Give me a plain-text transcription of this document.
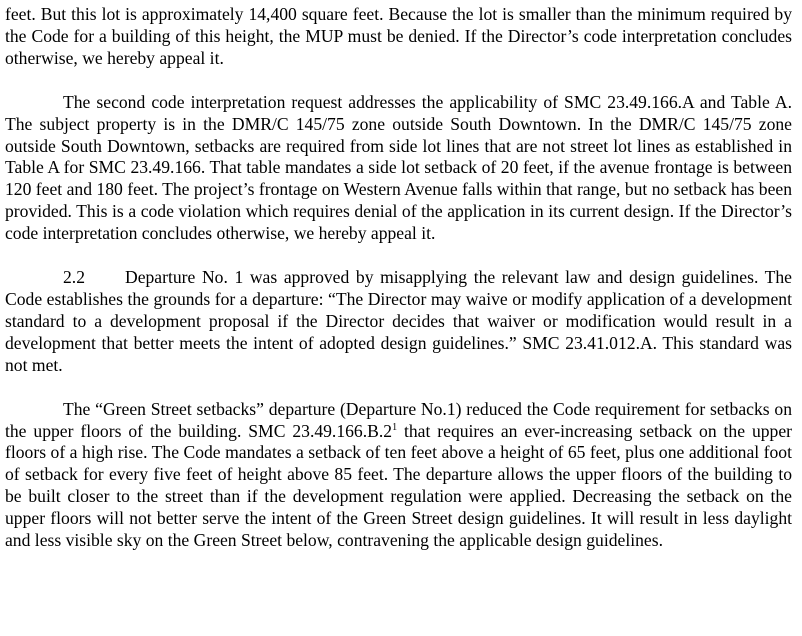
feet. But this lot is approximately 14,400 square feet. Because the lot is smaller than the minimum required by the Code for a building of this height, the MUP must be denied. If the Director’s code interpretation concludes otherwise, we hereby appeal it.

The second code interpretation request addresses the applicability of SMC 23.49.166.A and Table A. The subject property is in the DMR/C 145/75 zone outside South Downtown. In the DMR/C 145/75 zone outside South Downtown, setbacks are required from side lot lines that are not street lot lines as established in Table A for SMC 23.49.166. That table mandates a side lot setback of 20 feet, if the avenue frontage is between 120 feet and 180 feet. The project’s frontage on Western Avenue falls within that range, but no setback has been provided. This is a code violation which requires denial of the application in its current design. If the Director’s code interpretation concludes otherwise, we hereby appeal it.

2.2 Departure No. 1 was approved by misapplying the relevant law and design guidelines. The Code establishes the grounds for a departure: “The Director may waive or modify application of a development standard to a development proposal if the Director decides that waiver or modification would result in a development that better meets the intent of adopted design guidelines.” SMC 23.41.012.A. This standard was not met.

The “Green Street setbacks” departure (Departure No.1) reduced the Code requirement for setbacks on the upper floors of the building. SMC $23.49.166.B.2^1$ that requires an ever-increasing setback on the upper floors of a high rise. The Code mandates a setback of ten feet above a height of 65 feet, plus one additional foot of setback for every five feet of height above 85 feet. The departure allows the upper floors of the building to be built closer to the street than if the development regulation were applied. Decreasing the setback on the upper floors will not better serve the intent of the Green Street design guidelines. It will result in less daylight and less visible sky on the Green Street below, contravening the applicable design guidelines.
